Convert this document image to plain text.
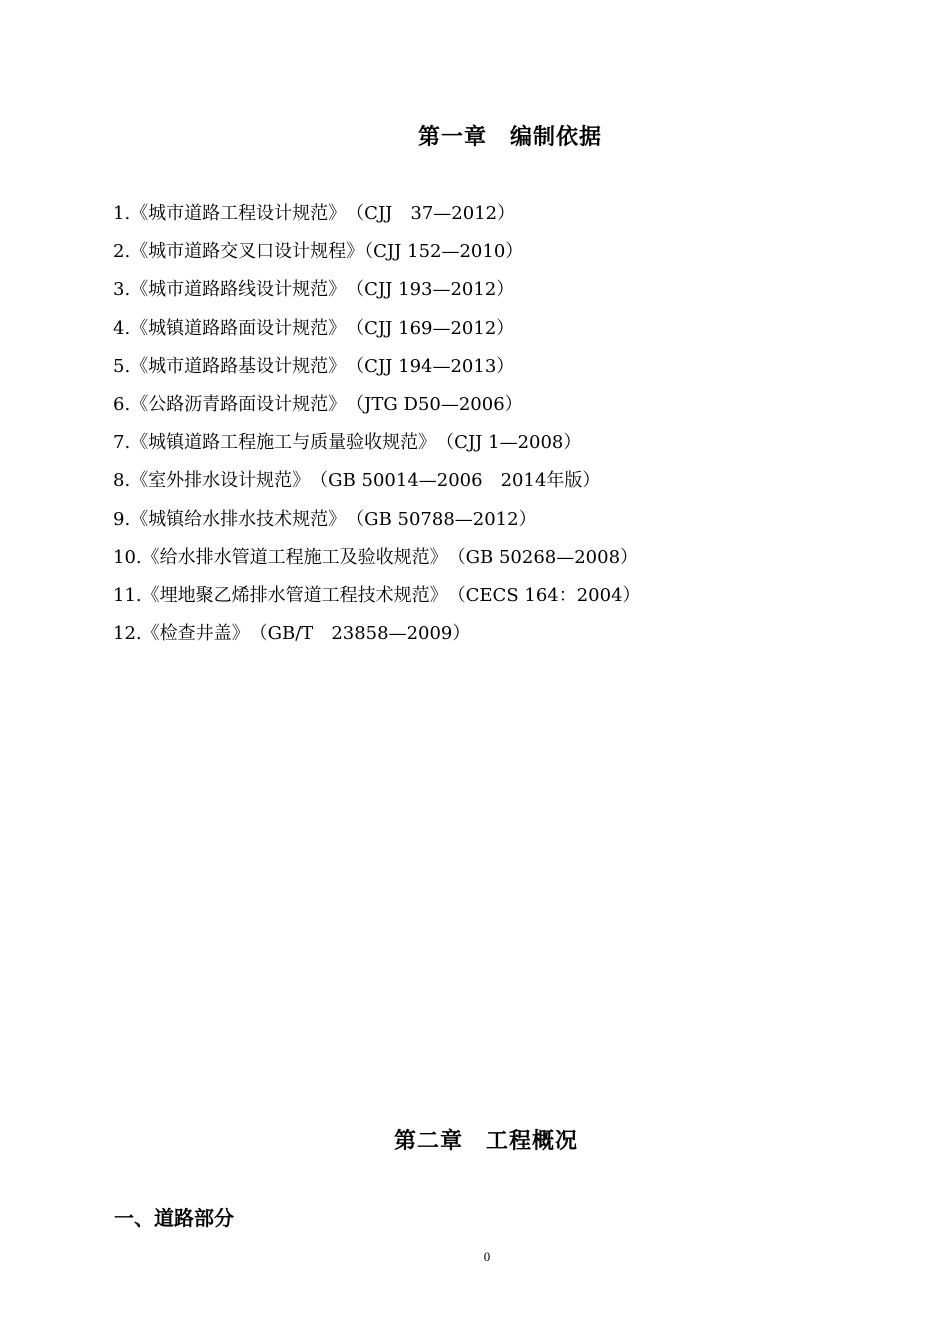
第一章　编制依据
1.《城市道路工程设计规范》　（CJJ　37—2012）
2.《城市道路交叉口设计规程》（CJJ 152—2010）
3.《城市道路路线设计规范》　（CJJ 193—2012）
4.《城镇道路路面设计规范》　（CJJ 169—2012）
5.《城市道路路基设计规范》　（CJJ 194—2013）
6.《公路沥青路面设计规范》　（JTG D50—2006）
7.《城镇道路工程施工与质量验收规范》　（CJJ 1—2008）
8.《室外排水设计规范》　（GB 50014—2006　2014年版）
9.《城镇给水排水技术规范》　（GB 50788—2012）
10.《给水排水管道工程施工及验收规范》　（GB 50268—2008）
11.《埋地聚乙烯排水管道工程技术规范》　（CECS 164：2004）
12.《检查井盖》　（GB/T　23858—2009）
第二章　工程概况
一、道路部分
0
